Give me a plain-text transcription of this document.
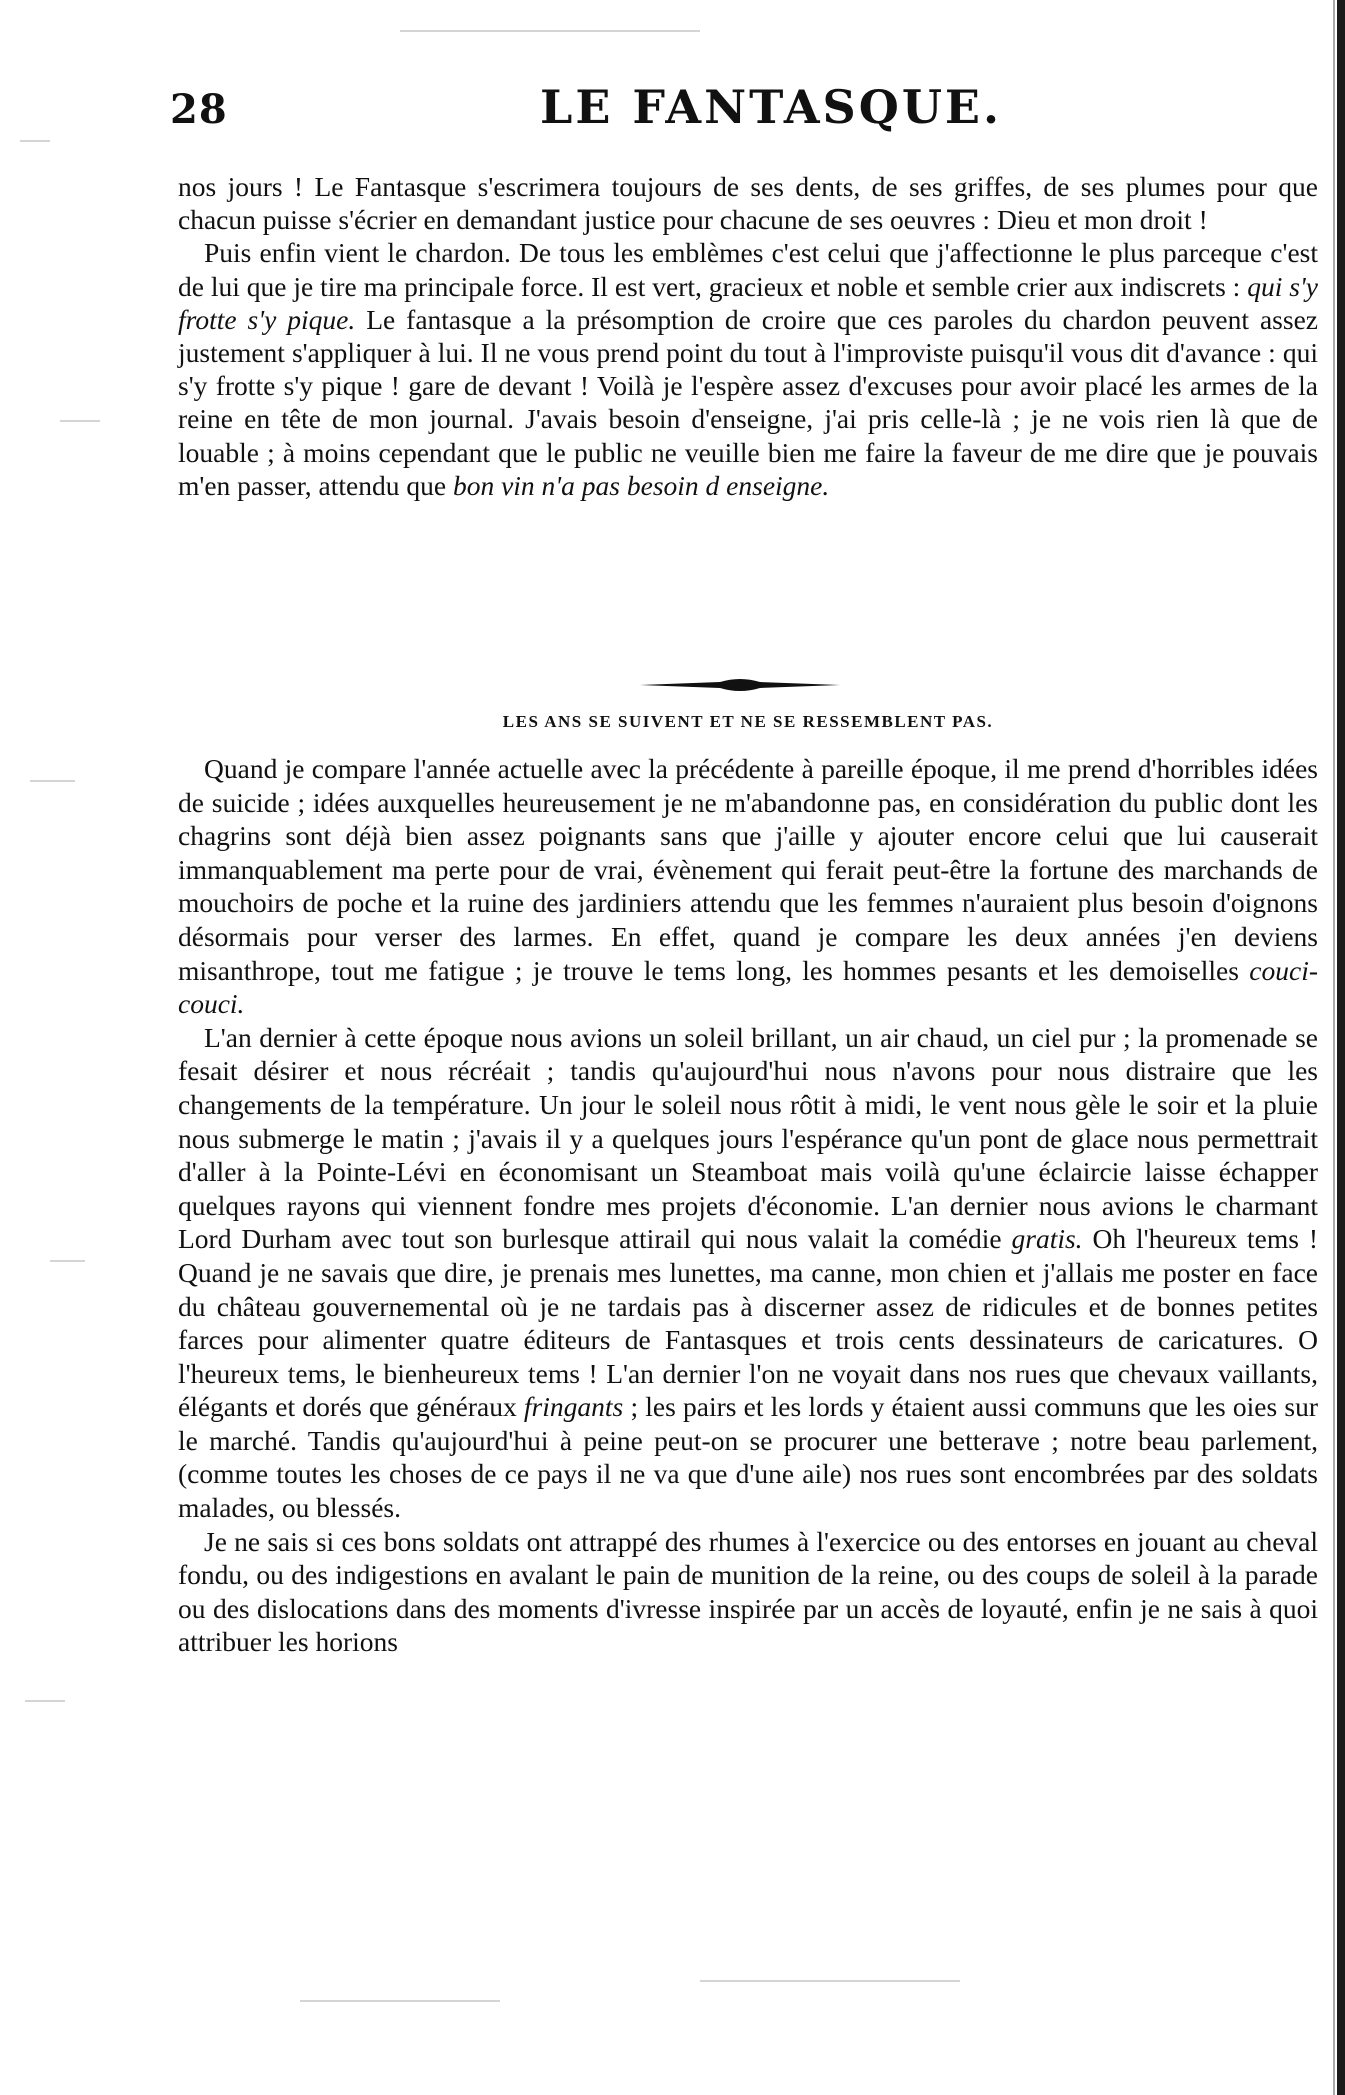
28	LE FANTASQUE.

nos jours ! Le Fantasque s'escrimera toujours de ses dents, de ses griffes, de ses plumes pour que chacun puisse s'écrier en demandant justice pour chacune de ses oeuvres : Dieu et mon droit !

Puis enfin vient le chardon. De tous les emblèmes c'est celui que j'affectionne le plus parceque c'est de lui que je tire ma principale force. Il est vert, gracieux et noble et semble crier aux indiscrets : qui s'y frotte s'y pique. Le fantasque a la présomption de croire que ces paroles du chardon peuvent assez justement s'appliquer à lui. Il ne vous prend point du tout à l'improviste puisqu'il vous dit d'avance : qui s'y frotte s'y pique ! gare de devant ! Voilà je l'espère assez d'excuses pour avoir placé les armes de la reine en tête de mon journal. J'avais besoin d'enseigne, j'ai pris celle-là ; je ne vois rien là que de louable ; à moins cependant que le public ne veuille bien me faire la faveur de me dire que je pouvais m'en passer, attendu que bon vin n'a pas besoin d enseigne.

LES ANS SE SUIVENT ET NE SE RESSEMBLENT PAS.

Quand je compare l'année actuelle avec la précédente à pareille époque, il me prend d'horribles idées de suicide ; idées auxquelles heureusement je ne m'abandonne pas, en considération du public dont les chagrins sont déjà bien assez poignants sans que j'aille y ajouter encore celui que lui causerait immanquablement ma perte pour de vrai, évènement qui ferait peut-être la fortune des marchands de mouchoirs de poche et la ruine des jardiniers attendu que les femmes n'auraient plus besoin d'oignons désormais pour verser des larmes. En effet, quand je compare les deux années j'en deviens misanthrope, tout me fatigue ; je trouve le tems long, les hommes pesants et les demoiselles couci-couci.

L'an dernier à cette époque nous avions un soleil brillant, un air chaud, un ciel pur ; la promenade se fesait désirer et nous récréait ; tandis qu'aujourd'hui nous n'avons pour nous distraire que les changements de la température. Un jour le soleil nous rôtit à midi, le vent nous gèle le soir et la pluie nous submerge le matin ; j'avais il y a quelques jours l'espérance qu'un pont de glace nous permettrait d'aller à la Pointe-Lévi en économisant un Steamboat mais voilà qu'une éclaircie laisse échapper quelques rayons qui viennent fondre mes projets d'économie. L'an dernier nous avions le charmant Lord Durham avec tout son burlesque attirail qui nous valait la comédie gratis. Oh l'heureux tems ! Quand je ne savais que dire, je prenais mes lunettes, ma canne, mon chien et j'allais me poster en face du château gouvernemental où je ne tardais pas à discerner assez de ridicules et de bonnes petites farces pour alimenter quatre éditeurs de Fantasques et trois cents dessinateurs de caricatures. O l'heureux tems, le bienheureux tems ! L'an dernier l'on ne voyait dans nos rues que chevaux vaillants, élégants et dorés que généraux fringants ; les pairs et les lords y étaient aussi communs que les oies sur le marché. Tandis qu'aujourd'hui à peine peut-on se procurer une betterave ; notre beau parlement, (comme toutes les choses de ce pays il ne va que d'une aile) nos rues sont encombrées par des soldats malades, ou blessés.

Je ne sais si ces bons soldats ont attrappé des rhumes à l'exercice ou des entorses en jouant au cheval fondu, ou des indigestions en avalant le pain de munition de la reine, ou des coups de soleil à la parade ou des dislocations dans des moments d'ivresse inspirée par un accès de loyauté, enfin je ne sais à quoi attribuer les horions
